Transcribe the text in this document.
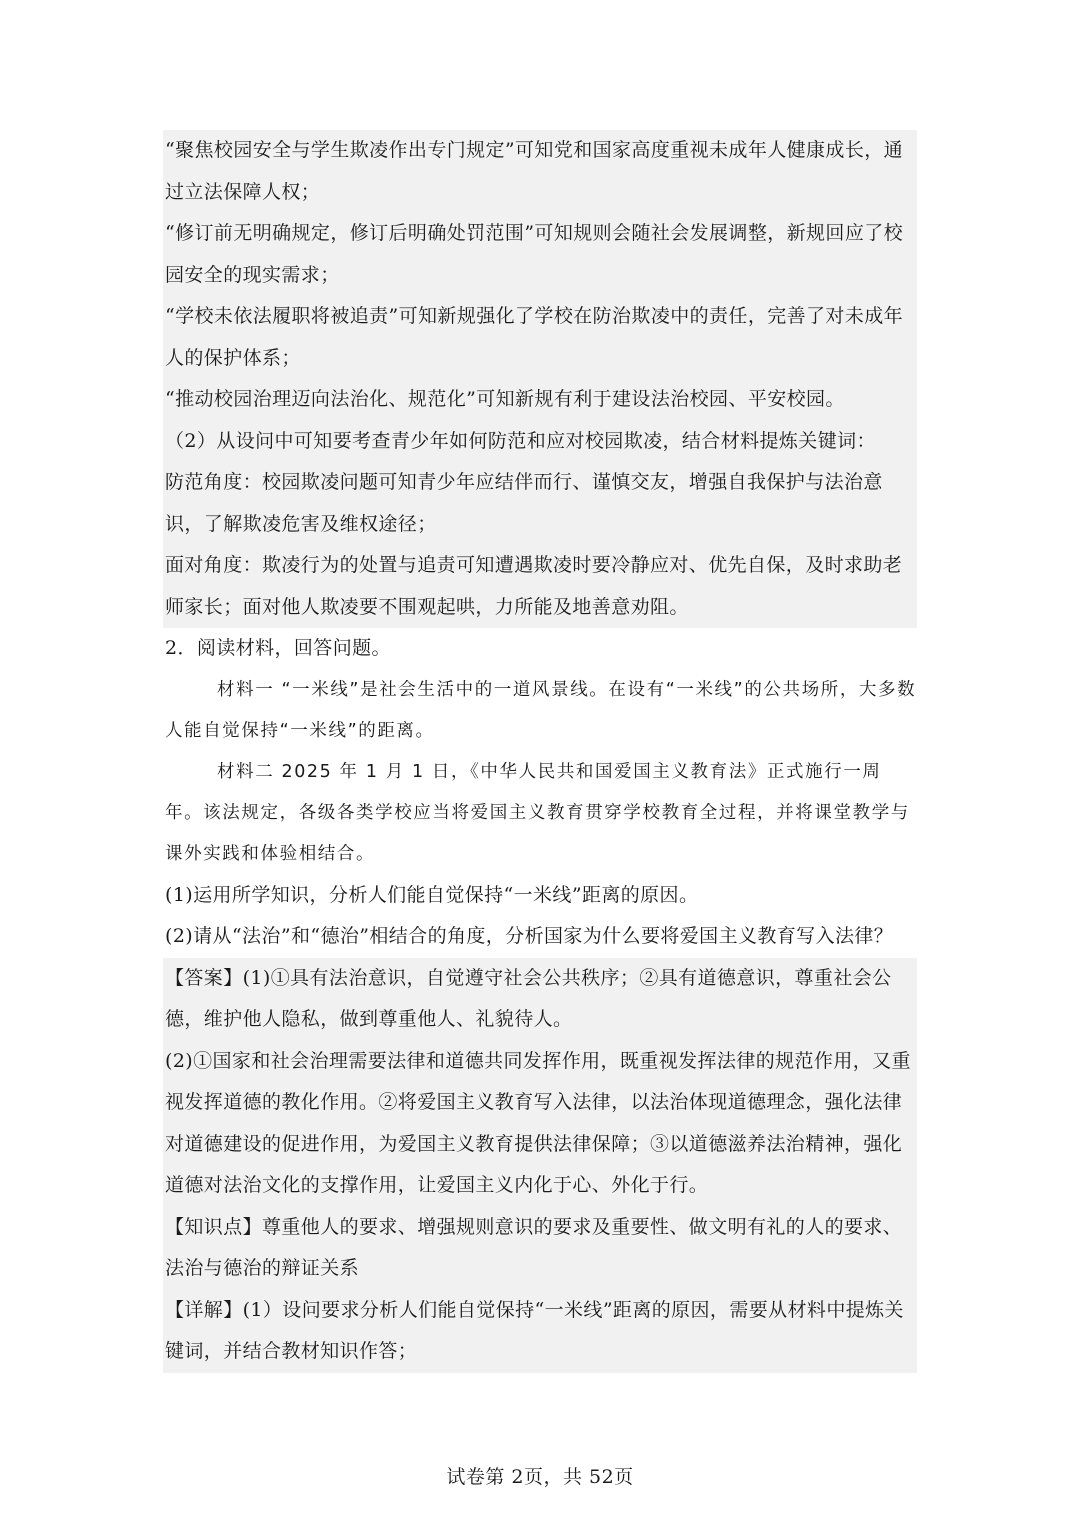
“聚焦校园安全与学生欺凌作出专门规定”可知党和国家高度重视未成年人健康成长，通过立法保障人权；

“修订前无明确规定，修订后明确处罚范围”可知规则会随社会发展调整，新规回应了校园安全的现实需求；

“学校未依法履职将被追责”可知新规强化了学校在防治欺凌中的责任，完善了对未成年人的保护体系；

“推动校园治理迈向法治化、规范化”可知新规有利于建设法治校园、平安校园。

（2）从设问中可知要考查青少年如何防范和应对校园欺凌，结合材料提炼关键词：

防范角度：校园欺凌问题可知青少年应结伴而行、谨慎交友，增强自我保护与法治意识，了解欺凌危害及维权途径；

面对角度：欺凌行为的处置与追责可知遭遇欺凌时要冷静应对、优先自保，及时求助老师家长；面对他人欺凌要不围观起哄，力所能及地善意劝阻。

2．阅读材料，回答问题。

材料一 “一米线”是社会生活中的一道风景线。在设有“一米线”的公共场所，大多数人能自觉保持“一米线”的距离。

材料二 2025 年 1 月 1 日，《中华人民共和国爱国主义教育法》正式施行一周年。该法规定，各级各类学校应当将爱国主义教育贯穿学校教育全过程，并将课堂教学与课外实践和体验相结合。

(1)运用所学知识，分析人们能自觉保持“一米线”距离的原因。

(2)请从“法治”和“德治”相结合的角度，分析国家为什么要将爱国主义教育写入法律？

【答案】(1)①具有法治意识，自觉遵守社会公共秩序；②具有道德意识，尊重社会公德，维护他人隐私，做到尊重他人、礼貌待人。

(2)①国家和社会治理需要法律和道德共同发挥作用，既重视发挥法律的规范作用，又重视发挥道德的教化作用。②将爱国主义教育写入法律，以法治体现道德理念，强化法律对道德建设的促进作用，为爱国主义教育提供法律保障；③以道德滋养法治精神，强化道德对法治文化的支撑作用，让爱国主义内化于心、外化于行。

【知识点】尊重他人的要求、增强规则意识的要求及重要性、做文明有礼的人的要求、法治与德治的辩证关系

【详解】(1）设问要求分析人们能自觉保持“一米线”距离的原因，需要从材料中提炼关键词，并结合教材知识作答；

试卷第 2页，共 52页
